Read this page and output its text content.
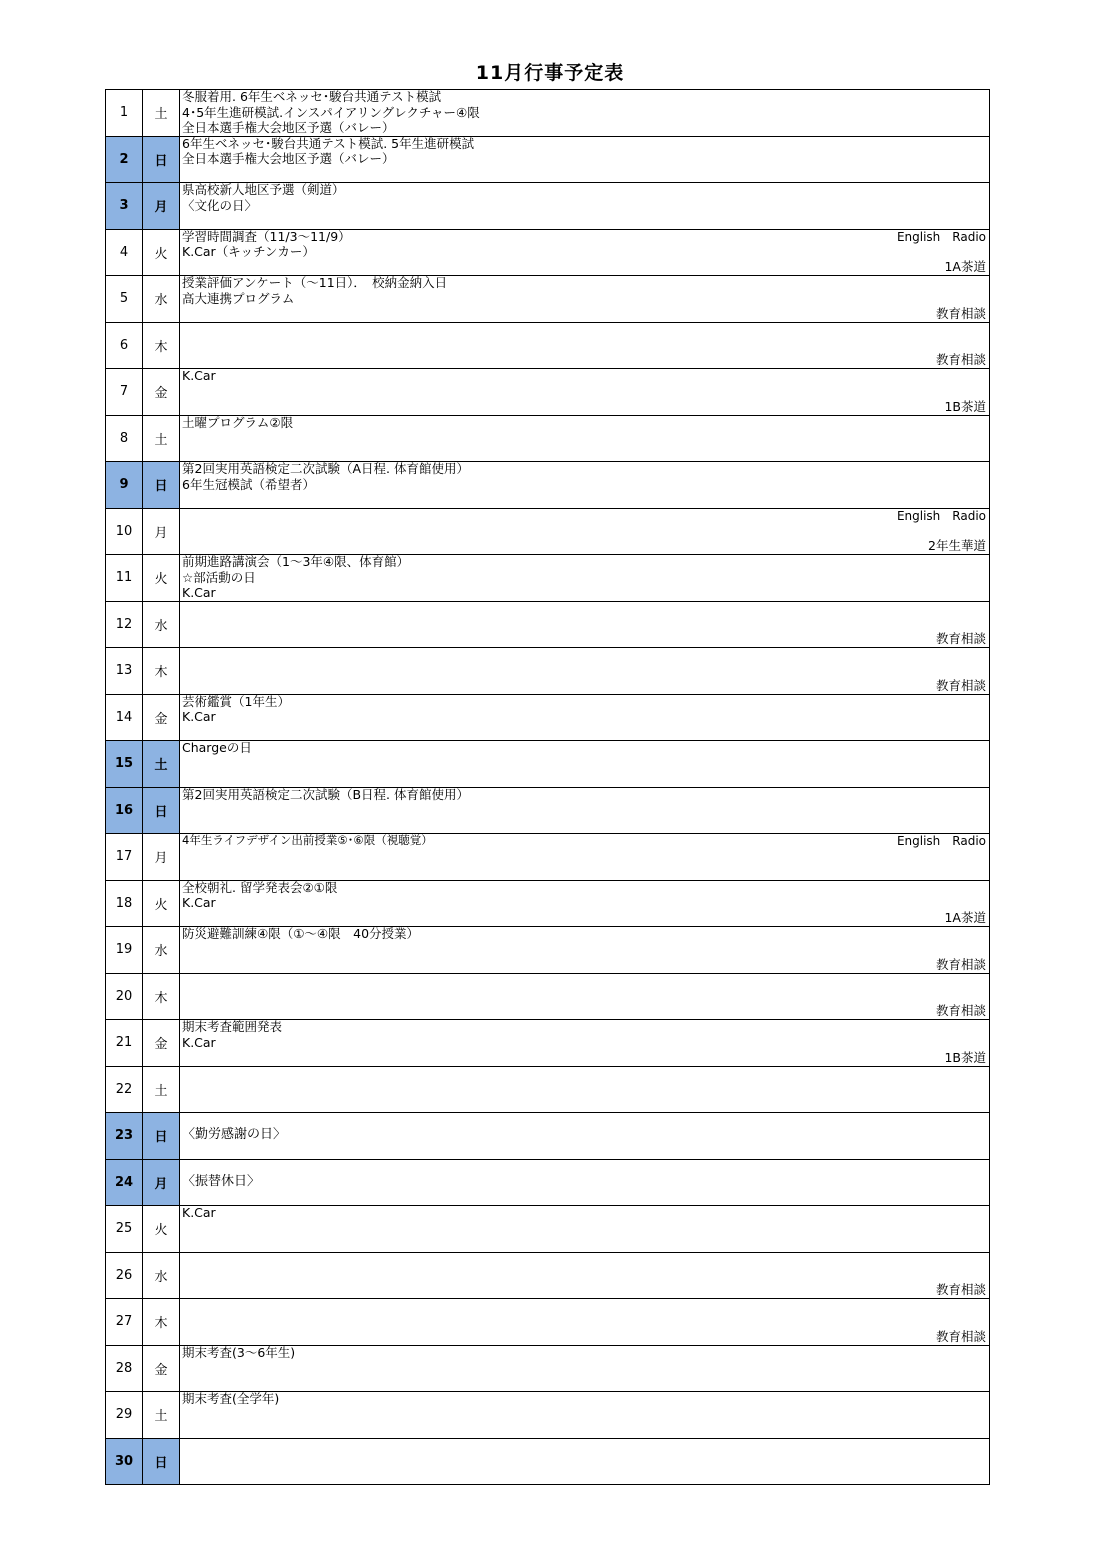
11月行事予定表
1	土	冬服着用. 6年生ベネッセ･駿台共通テスト模試
4･5年生進研模試.インスパイアリングレクチャー④限
全日本選手権大会地区予選（バレー）

2	日	6年生ベネッセ･駿台共通テスト模試. 5年生進研模試
全日本選手権大会地区予選（バレー）

3	月	県高校新人地区予選（剣道）
〈文化の日〉

4	火	学習時間調査（11/3～11/9）
K.Car（キッチンカー）
English　Radio
1A茶道

5	水	授業評価アンケート（～11日）．　校納金納入日
高大連携プログラム
教育相談

6	木	教育相談

7	金	K.Car
1B茶道

8	土	土曜プログラム②限

9	日	第2回実用英語検定二次試験（A日程. 体育館使用）
6年生冠模試（希望者）

10	月	English　Radio
2年生華道

11	火	前期進路講演会（1～3年④限、体育館）
☆部活動の日
K.Car

12	水	教育相談

13	木	教育相談

14	金	芸術鑑賞（1年生）
K.Car

15	土	Chargeの日

16	日	第2回実用英語検定二次試験（B日程. 体育館使用）

17	月	4年生ライフデザイン出前授業⑤･⑥限（視聴覚） English　Radio

18	火	全校朝礼. 留学発表会②①限
K.Car
1A茶道

19	水	防災避難訓練④限（①～④限　40分授業）
教育相談

20	木	教育相談

21	金	期末考査範囲発表
K.Car
1B茶道

22	土	

23	日	〈勤労感謝の日〉

24	月	〈振替休日〉

25	火	K.Car

26	水	教育相談

27	木	教育相談

28	金	期末考査(3～6年生)

29	土	期末考査(全学年)

30	日	
